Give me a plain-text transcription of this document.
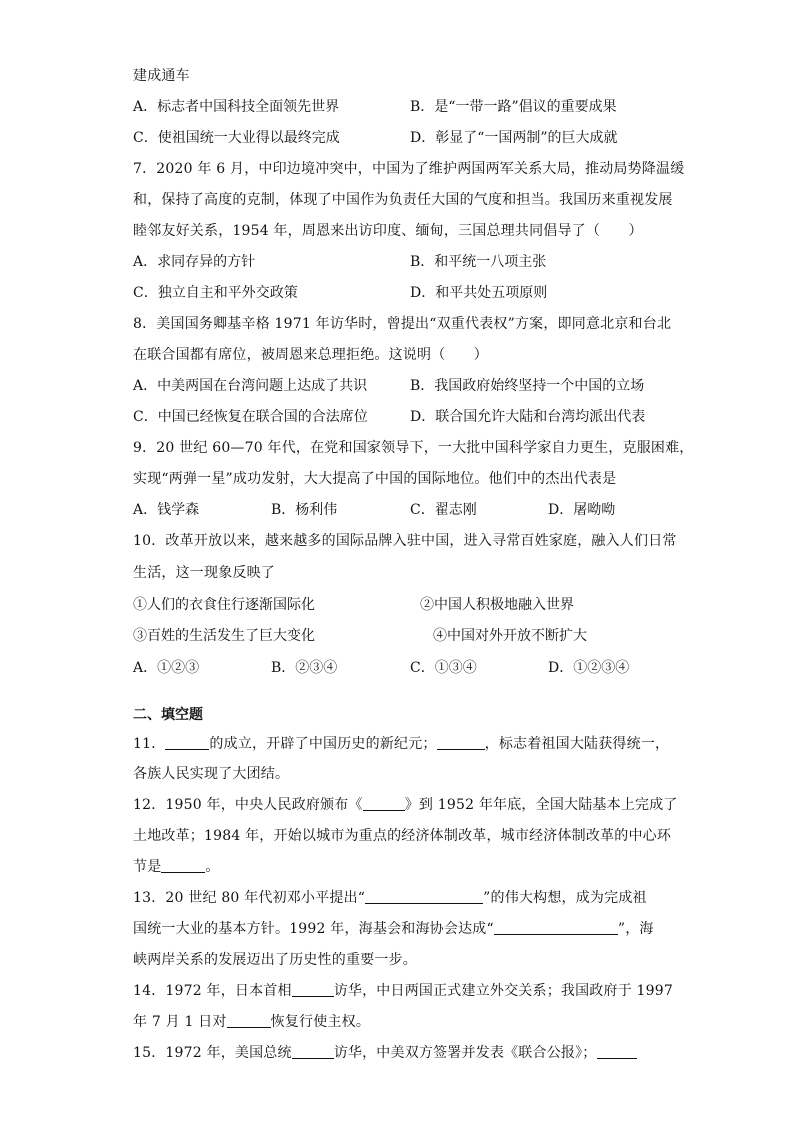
建成通车
A．标志者中国科技全面领先世界	B．是“一带一路”倡议的重要成果
C．使祖国统一大业得以最终完成	D．彰显了“一国两制”的巨大成就
7．2020 年 6 月，中印边境冲突中，中国为了维护两国两军关系大局，推动局势降温缓
和，保持了高度的克制，体现了中国作为负责任大国的气度和担当。我国历来重视发展
睦邻友好关系，1954 年，周恩来出访印度、缅甸，三国总理共同倡导了（　　）
A．求同存异的方针	B．和平统一八项主张
C．独立自主和平外交政策	D．和平共处五项原则
8．美国国务卿基辛格 1971 年访华时，曾提出“双重代表权”方案，即同意北京和台北
在联合国都有席位，被周恩来总理拒绝。这说明（　　）
A．中美两国在台湾问题上达成了共识	B．我国政府始终坚持一个中国的立场
C．中国已经恢复在联合国的合法席位	D．联合国允许大陆和台湾均派出代表
9．20 世纪 60—70 年代，在党和国家领导下，一大批中国科学家自力更生，克服困难，
实现“两弹一星”成功发射，大大提高了中国的国际地位。他们中的杰出代表是
A．钱学森	B．杨利伟	C．翟志刚	D．屠呦呦
10．改革开放以来，越来越多的国际品牌入驻中国，进入寻常百姓家庭，融入人们日常
生活，这一现象反映了
①人们的衣食住行逐渐国际化	②中国人积极地融入世界
③百姓的生活发生了巨大变化	④中国对外开放不断扩大
A．①②③	B．②③④	C．①③④	D．①②③④
二、填空题
11．	的成立，开辟了中国历史的新纪元；	，标志着祖国大陆获得统一，
各族人民实现了大团结。
12．1950 年，中央人民政府颁布《	》到 1952 年年底，全国大陆基本上完成了
土地改革；1984 年，开始以城市为重点的经济体制改革，城市经济体制改革的中心环
节是	。
13．20 世纪 80 年代初邓小平提出“	”的伟大构想，成为完成祖
国统一大业的基本方针。1992 年，海基会和海协会达成“	”，海
峡两岸关系的发展迈出了历史性的重要一步。
14．1972 年，日本首相	访华，中日两国正式建立外交关系；我国政府于 1997
年 7 月 1 日对	恢复行使主权。
15．1972 年，美国总统	访华，中美双方签署并发表《联合公报》；
